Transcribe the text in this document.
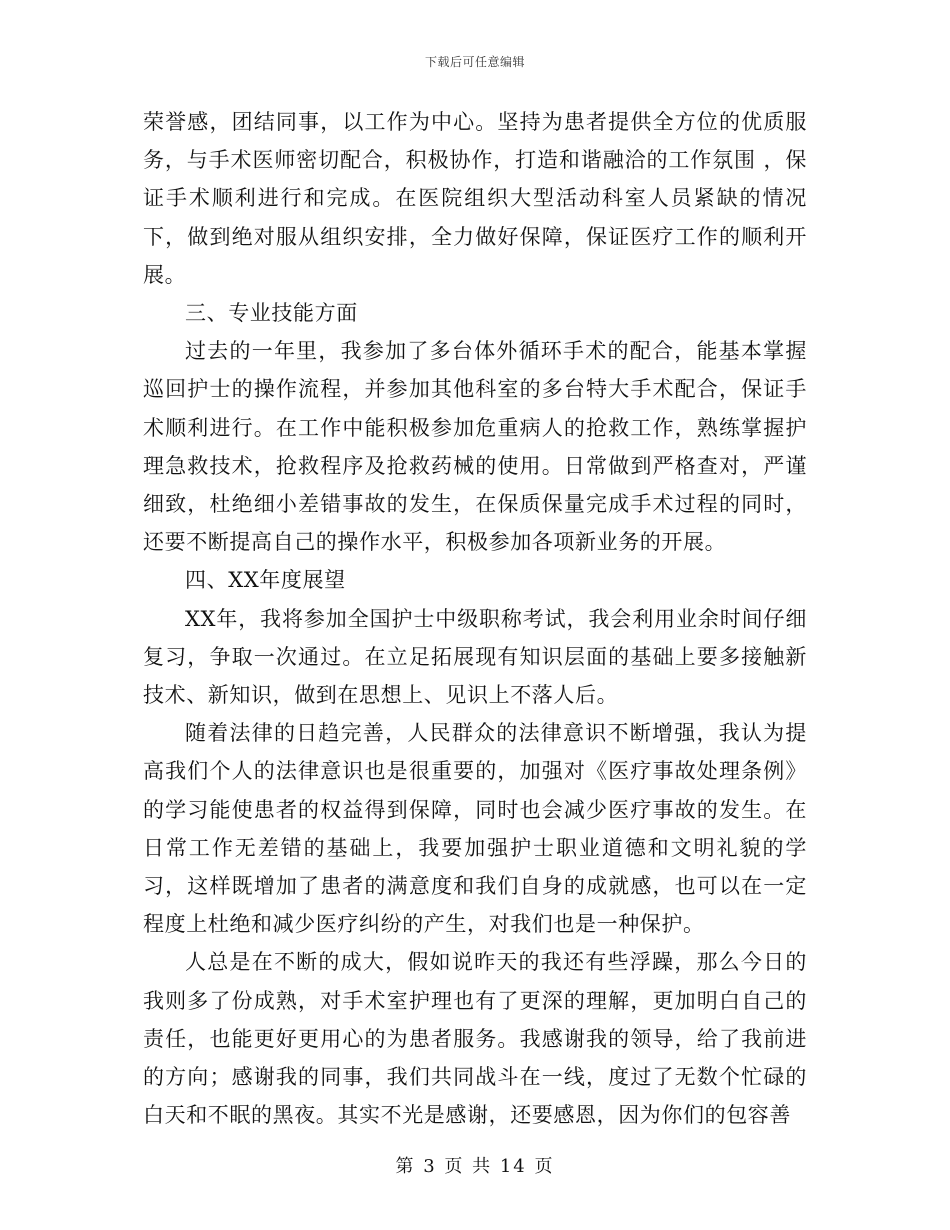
下载后可任意编辑

荣誉感，团结同事，以工作为中心。坚持为患者提供全方位的优质服务，与手术医师密切配合，积极协作，打造和谐融洽的工作氛围 ，保证手术顺利进行和完成。在医院组织大型活动科室人员紧缺的情况下，做到绝对服从组织安排，全力做好保障，保证医疗工作的顺利开展。

三、专业技能方面

过去的一年里，我参加了多台体外循环手术的配合，能基本掌握巡回护士的操作流程，并参加其他科室的多台特大手术配合，保证手术顺利进行。在工作中能积极参加危重病人的抢救工作，熟练掌握护理急救技术，抢救程序及抢救药械的使用。日常做到严格查对，严谨细致，杜绝细小差错事故的发生，在保质保量完成手术过程的同时，还要不断提高自己的操作水平，积极参加各项新业务的开展。

四、XX年度展望

XX年，我将参加全国护士中级职称考试，我会利用业余时间仔细复习，争取一次通过。在立足拓展现有知识层面的基础上要多接触新技术、新知识，做到在思想上、见识上不落人后。

随着法律的日趋完善，人民群众的法律意识不断增强，我认为提高我们个人的法律意识也是很重要的，加强对《医疗事故处理条例》的学习能使患者的权益得到保障，同时也会减少医疗事故的发生。在日常工作无差错的基础上，我要加强护士职业道德和文明礼貌的学习，这样既增加了患者的满意度和我们自身的成就感，也可以在一定程度上杜绝和减少医疗纠纷的产生，对我们也是一种保护。

人总是在不断的成大，假如说昨天的我还有些浮躁，那么今日的我则多了份成熟，对手术室护理也有了更深的理解，更加明白自己的责任，也能更好更用心的为患者服务。我感谢我的领导，给了我前进的方向；感谢我的同事，我们共同战斗在一线，度过了无数个忙碌的白天和不眠的黑夜。其实不光是感谢，还要感恩，因为你们的包容善

第 3 页 共 14 页
